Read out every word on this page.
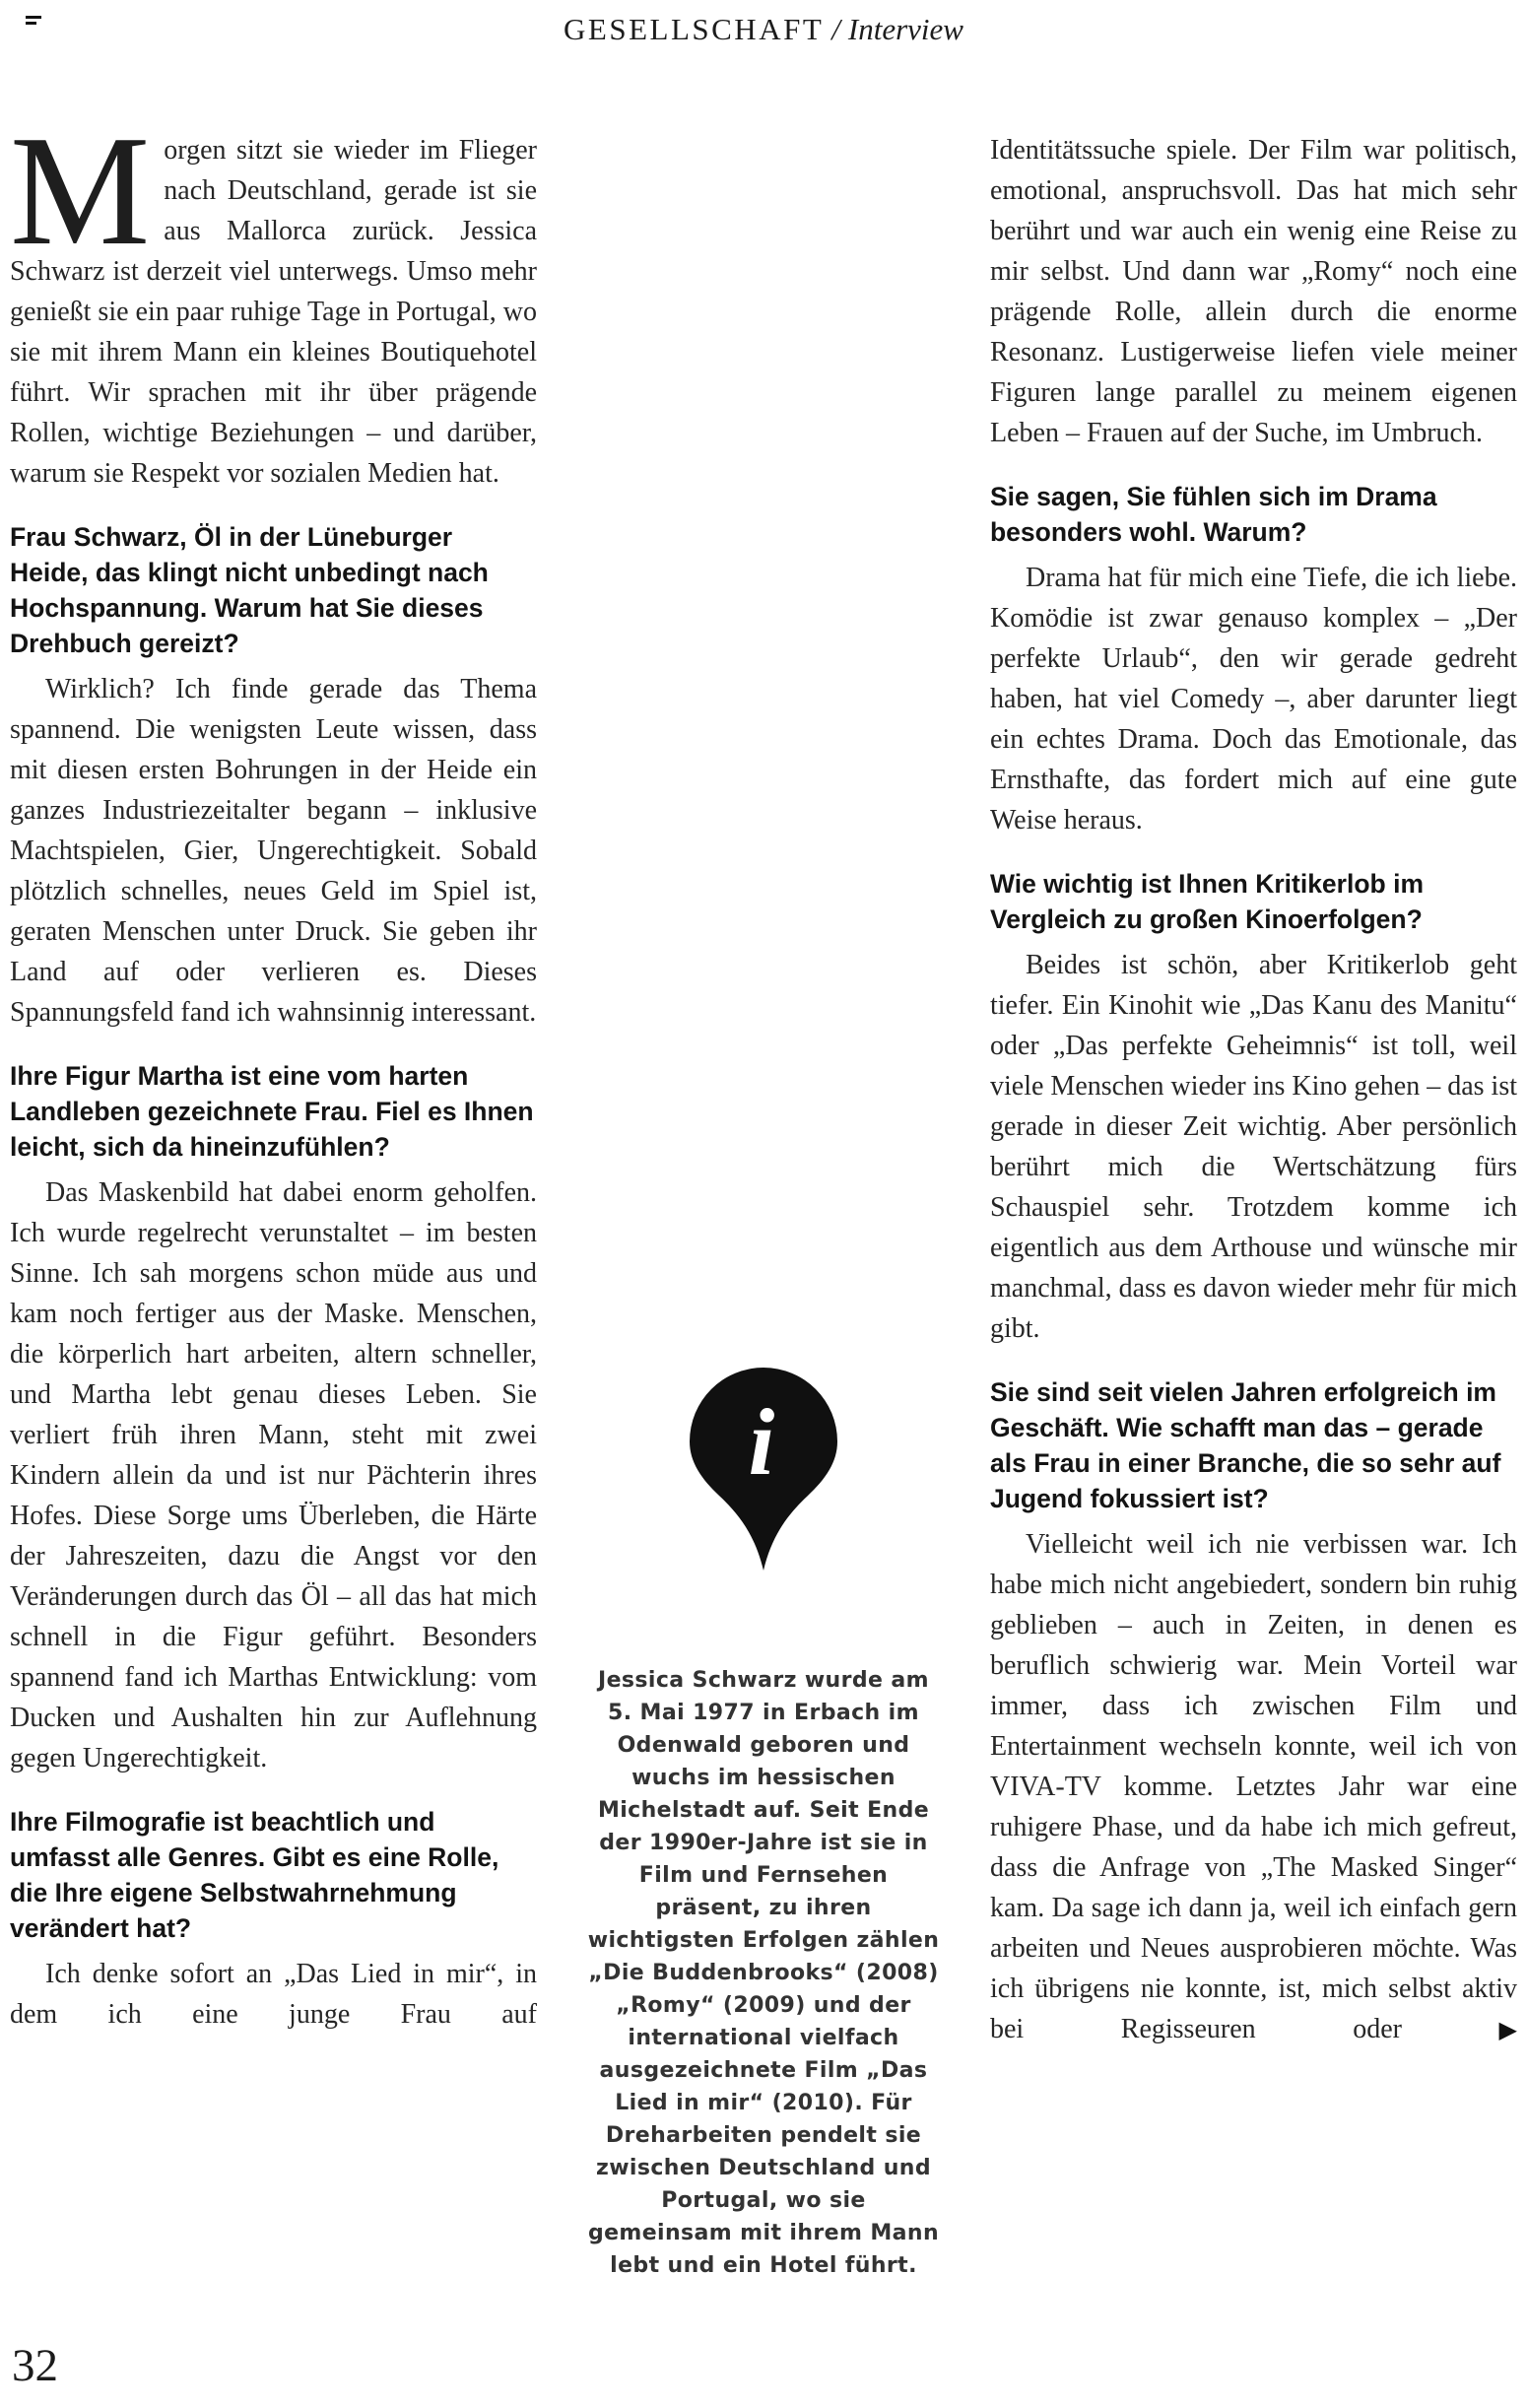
GESELLSCHAFT / Interview

Morgen sitzt sie wieder im Flieger nach Deutschland, gerade ist sie aus Mallorca zurück. Jessica Schwarz ist derzeit viel unterwegs. Umso mehr genießt sie ein paar ruhige Tage in Portugal, wo sie mit ihrem Mann ein kleines Boutiquehotel führt. Wir sprachen mit ihr über prägende Rollen, wichtige Beziehungen – und darüber, warum sie Respekt vor sozialen Medien hat.

Frau Schwarz, Öl in der Lüneburger Heide, das klingt nicht unbedingt nach Hochspannung. Warum hat Sie dieses Drehbuch gereizt?

Wirklich? Ich finde gerade das Thema spannend. Die wenigsten Leute wissen, dass mit diesen ersten Bohrungen in der Heide ein ganzes Industriezeitalter begann – inklusive Machtspielen, Gier, Ungerechtigkeit. Sobald plötzlich schnelles, neues Geld im Spiel ist, geraten Menschen unter Druck. Sie geben ihr Land auf oder verlieren es. Dieses Spannungsfeld fand ich wahnsinnig interessant.

Ihre Figur Martha ist eine vom harten Landleben gezeichnete Frau. Fiel es Ihnen leicht, sich da hineinzufühlen?

Das Maskenbild hat dabei enorm geholfen. Ich wurde regelrecht verunstaltet – im besten Sinne. Ich sah morgens schon müde aus und kam noch fertiger aus der Maske. Menschen, die körperlich hart arbeiten, altern schneller, und Martha lebt genau dieses Leben. Sie verliert früh ihren Mann, steht mit zwei Kindern allein da und ist nur Pächterin ihres Hofes. Diese Sorge ums Überleben, die Härte der Jahreszeiten, dazu die Angst vor den Veränderungen durch das Öl – all das hat mich schnell in die Figur geführt. Besonders spannend fand ich Marthas Entwicklung: vom Ducken und Aushalten hin zur Auflehnung gegen Ungerechtigkeit.

Ihre Filmografie ist beachtlich und umfasst alle Genres. Gibt es eine Rolle, die Ihre eigene Selbstwahrnehmung verändert hat?

Ich denke sofort an „Das Lied in mir“, in dem ich eine junge Frau auf

i

Jessica Schwarz wurde am 5. Mai 1977 in Erbach im Odenwald geboren und wuchs im hessischen Michelstadt auf. Seit Ende der 1990er-Jahre ist sie in Film und Fernsehen präsent, zu ihren wichtigsten Erfolgen zählen „Die Buddenbrooks“ (2008) „Romy“ (2009) und der international vielfach ausgezeichnete Film „Das Lied in mir“ (2010). Für Dreharbeiten pendelt sie zwischen Deutschland und Portugal, wo sie gemeinsam mit ihrem Mann lebt und ein Hotel führt.

Identitätssuche spiele. Der Film war politisch, emotional, anspruchsvoll. Das hat mich sehr berührt und war auch ein wenig eine Reise zu mir selbst. Und dann war „Romy“ noch eine prägende Rolle, allein durch die enorme Resonanz. Lustigerweise liefen viele meiner Figuren lange parallel zu meinem eigenen Leben – Frauen auf der Suche, im Umbruch.

Sie sagen, Sie fühlen sich im Drama besonders wohl. Warum?

Drama hat für mich eine Tiefe, die ich liebe. Komödie ist zwar genauso komplex – „Der perfekte Urlaub“, den wir gerade gedreht haben, hat viel Comedy –, aber darunter liegt ein echtes Drama. Doch das Emotionale, das Ernsthafte, das fordert mich auf eine gute Weise heraus.

Wie wichtig ist Ihnen Kritikerlob im Vergleich zu großen Kinoerfolgen?

Beides ist schön, aber Kritikerlob geht tiefer. Ein Kinohit wie „Das Kanu des Manitu“ oder „Das perfekte Geheimnis“ ist toll, weil viele Menschen wieder ins Kino gehen – das ist gerade in dieser Zeit wichtig. Aber persönlich berührt mich die Wertschätzung fürs Schauspiel sehr. Trotzdem komme ich eigentlich aus dem Arthouse und wünsche mir manchmal, dass es davon wieder mehr für mich gibt.

Sie sind seit vielen Jahren erfolgreich im Geschäft. Wie schafft man das – gerade als Frau in einer Branche, die so sehr auf Jugend fokussiert ist?

Vielleicht weil ich nie verbissen war. Ich habe mich nicht angebiedert, sondern bin ruhig geblieben – auch in Zeiten, in denen es beruflich schwierig war. Mein Vorteil war immer, dass ich zwischen Film und Entertainment wechseln konnte, weil ich von VIVA-TV komme. Letztes Jahr war eine ruhigere Phase, und da habe ich mich gefreut, dass die Anfrage von „The Masked Singer“ kam. Da sage ich dann ja, weil ich einfach gern arbeiten und Neues ausprobieren möchte. Was ich übrigens nie konnte, ist, mich selbst aktiv bei Regisseuren oder	▶

32
